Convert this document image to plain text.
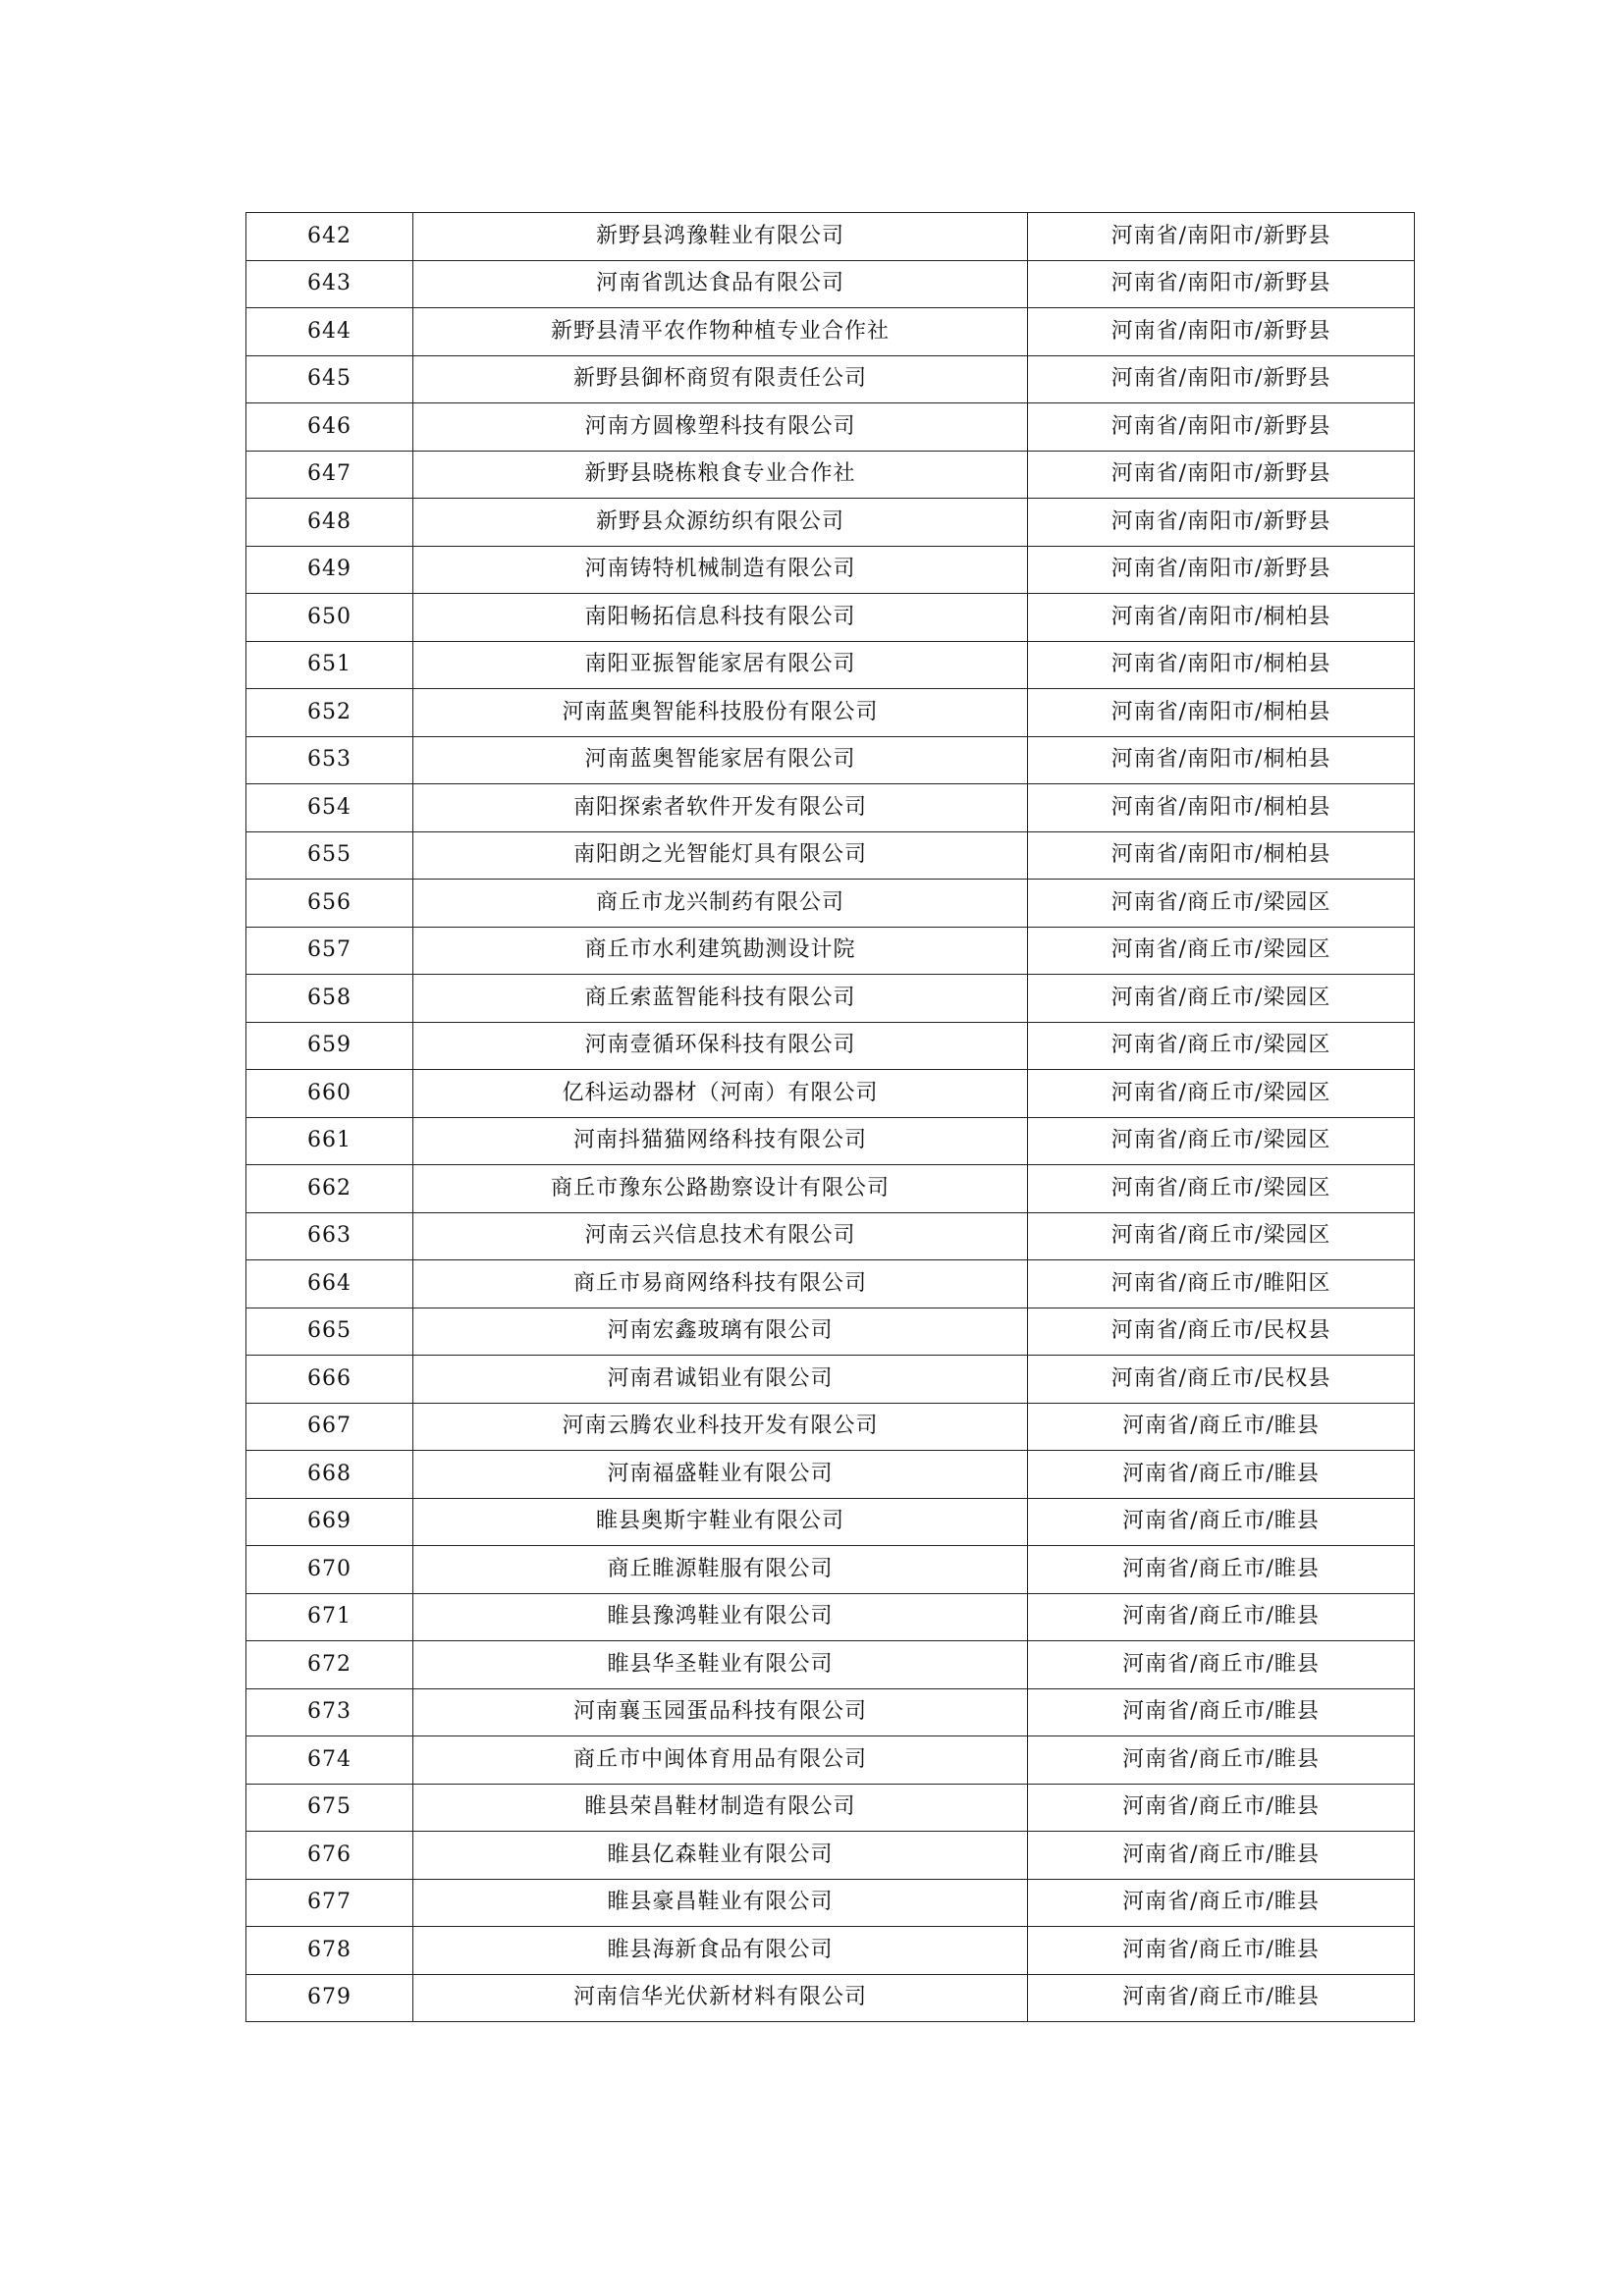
642	新野县鸿豫鞋业有限公司	河南省/南阳市/新野县
643	河南省凯达食品有限公司	河南省/南阳市/新野县
644	新野县清平农作物种植专业合作社	河南省/南阳市/新野县
645	新野县御杯商贸有限责任公司	河南省/南阳市/新野县
646	河南方圆橡塑科技有限公司	河南省/南阳市/新野县
647	新野县晓栋粮食专业合作社	河南省/南阳市/新野县
648	新野县众源纺织有限公司	河南省/南阳市/新野县
649	河南铸特机械制造有限公司	河南省/南阳市/新野县
650	南阳畅拓信息科技有限公司	河南省/南阳市/桐柏县
651	南阳亚振智能家居有限公司	河南省/南阳市/桐柏县
652	河南蓝奥智能科技股份有限公司	河南省/南阳市/桐柏县
653	河南蓝奥智能家居有限公司	河南省/南阳市/桐柏县
654	南阳探索者软件开发有限公司	河南省/南阳市/桐柏县
655	南阳朗之光智能灯具有限公司	河南省/南阳市/桐柏县
656	商丘市龙兴制药有限公司	河南省/商丘市/梁园区
657	商丘市水利建筑勘测设计院	河南省/商丘市/梁园区
658	商丘索蓝智能科技有限公司	河南省/商丘市/梁园区
659	河南壹循环保科技有限公司	河南省/商丘市/梁园区
660	亿科运动器材（河南）有限公司	河南省/商丘市/梁园区
661	河南抖猫猫网络科技有限公司	河南省/商丘市/梁园区
662	商丘市豫东公路勘察设计有限公司	河南省/商丘市/梁园区
663	河南云兴信息技术有限公司	河南省/商丘市/梁园区
664	商丘市易商网络科技有限公司	河南省/商丘市/睢阳区
665	河南宏鑫玻璃有限公司	河南省/商丘市/民权县
666	河南君诚铝业有限公司	河南省/商丘市/民权县
667	河南云腾农业科技开发有限公司	河南省/商丘市/睢县
668	河南福盛鞋业有限公司	河南省/商丘市/睢县
669	睢县奥斯宇鞋业有限公司	河南省/商丘市/睢县
670	商丘睢源鞋服有限公司	河南省/商丘市/睢县
671	睢县豫鸿鞋业有限公司	河南省/商丘市/睢县
672	睢县华圣鞋业有限公司	河南省/商丘市/睢县
673	河南襄玉园蛋品科技有限公司	河南省/商丘市/睢县
674	商丘市中闽体育用品有限公司	河南省/商丘市/睢县
675	睢县荣昌鞋材制造有限公司	河南省/商丘市/睢县
676	睢县亿森鞋业有限公司	河南省/商丘市/睢县
677	睢县豪昌鞋业有限公司	河南省/商丘市/睢县
678	睢县海新食品有限公司	河南省/商丘市/睢县
679	河南信华光伏新材料有限公司	河南省/商丘市/睢县
